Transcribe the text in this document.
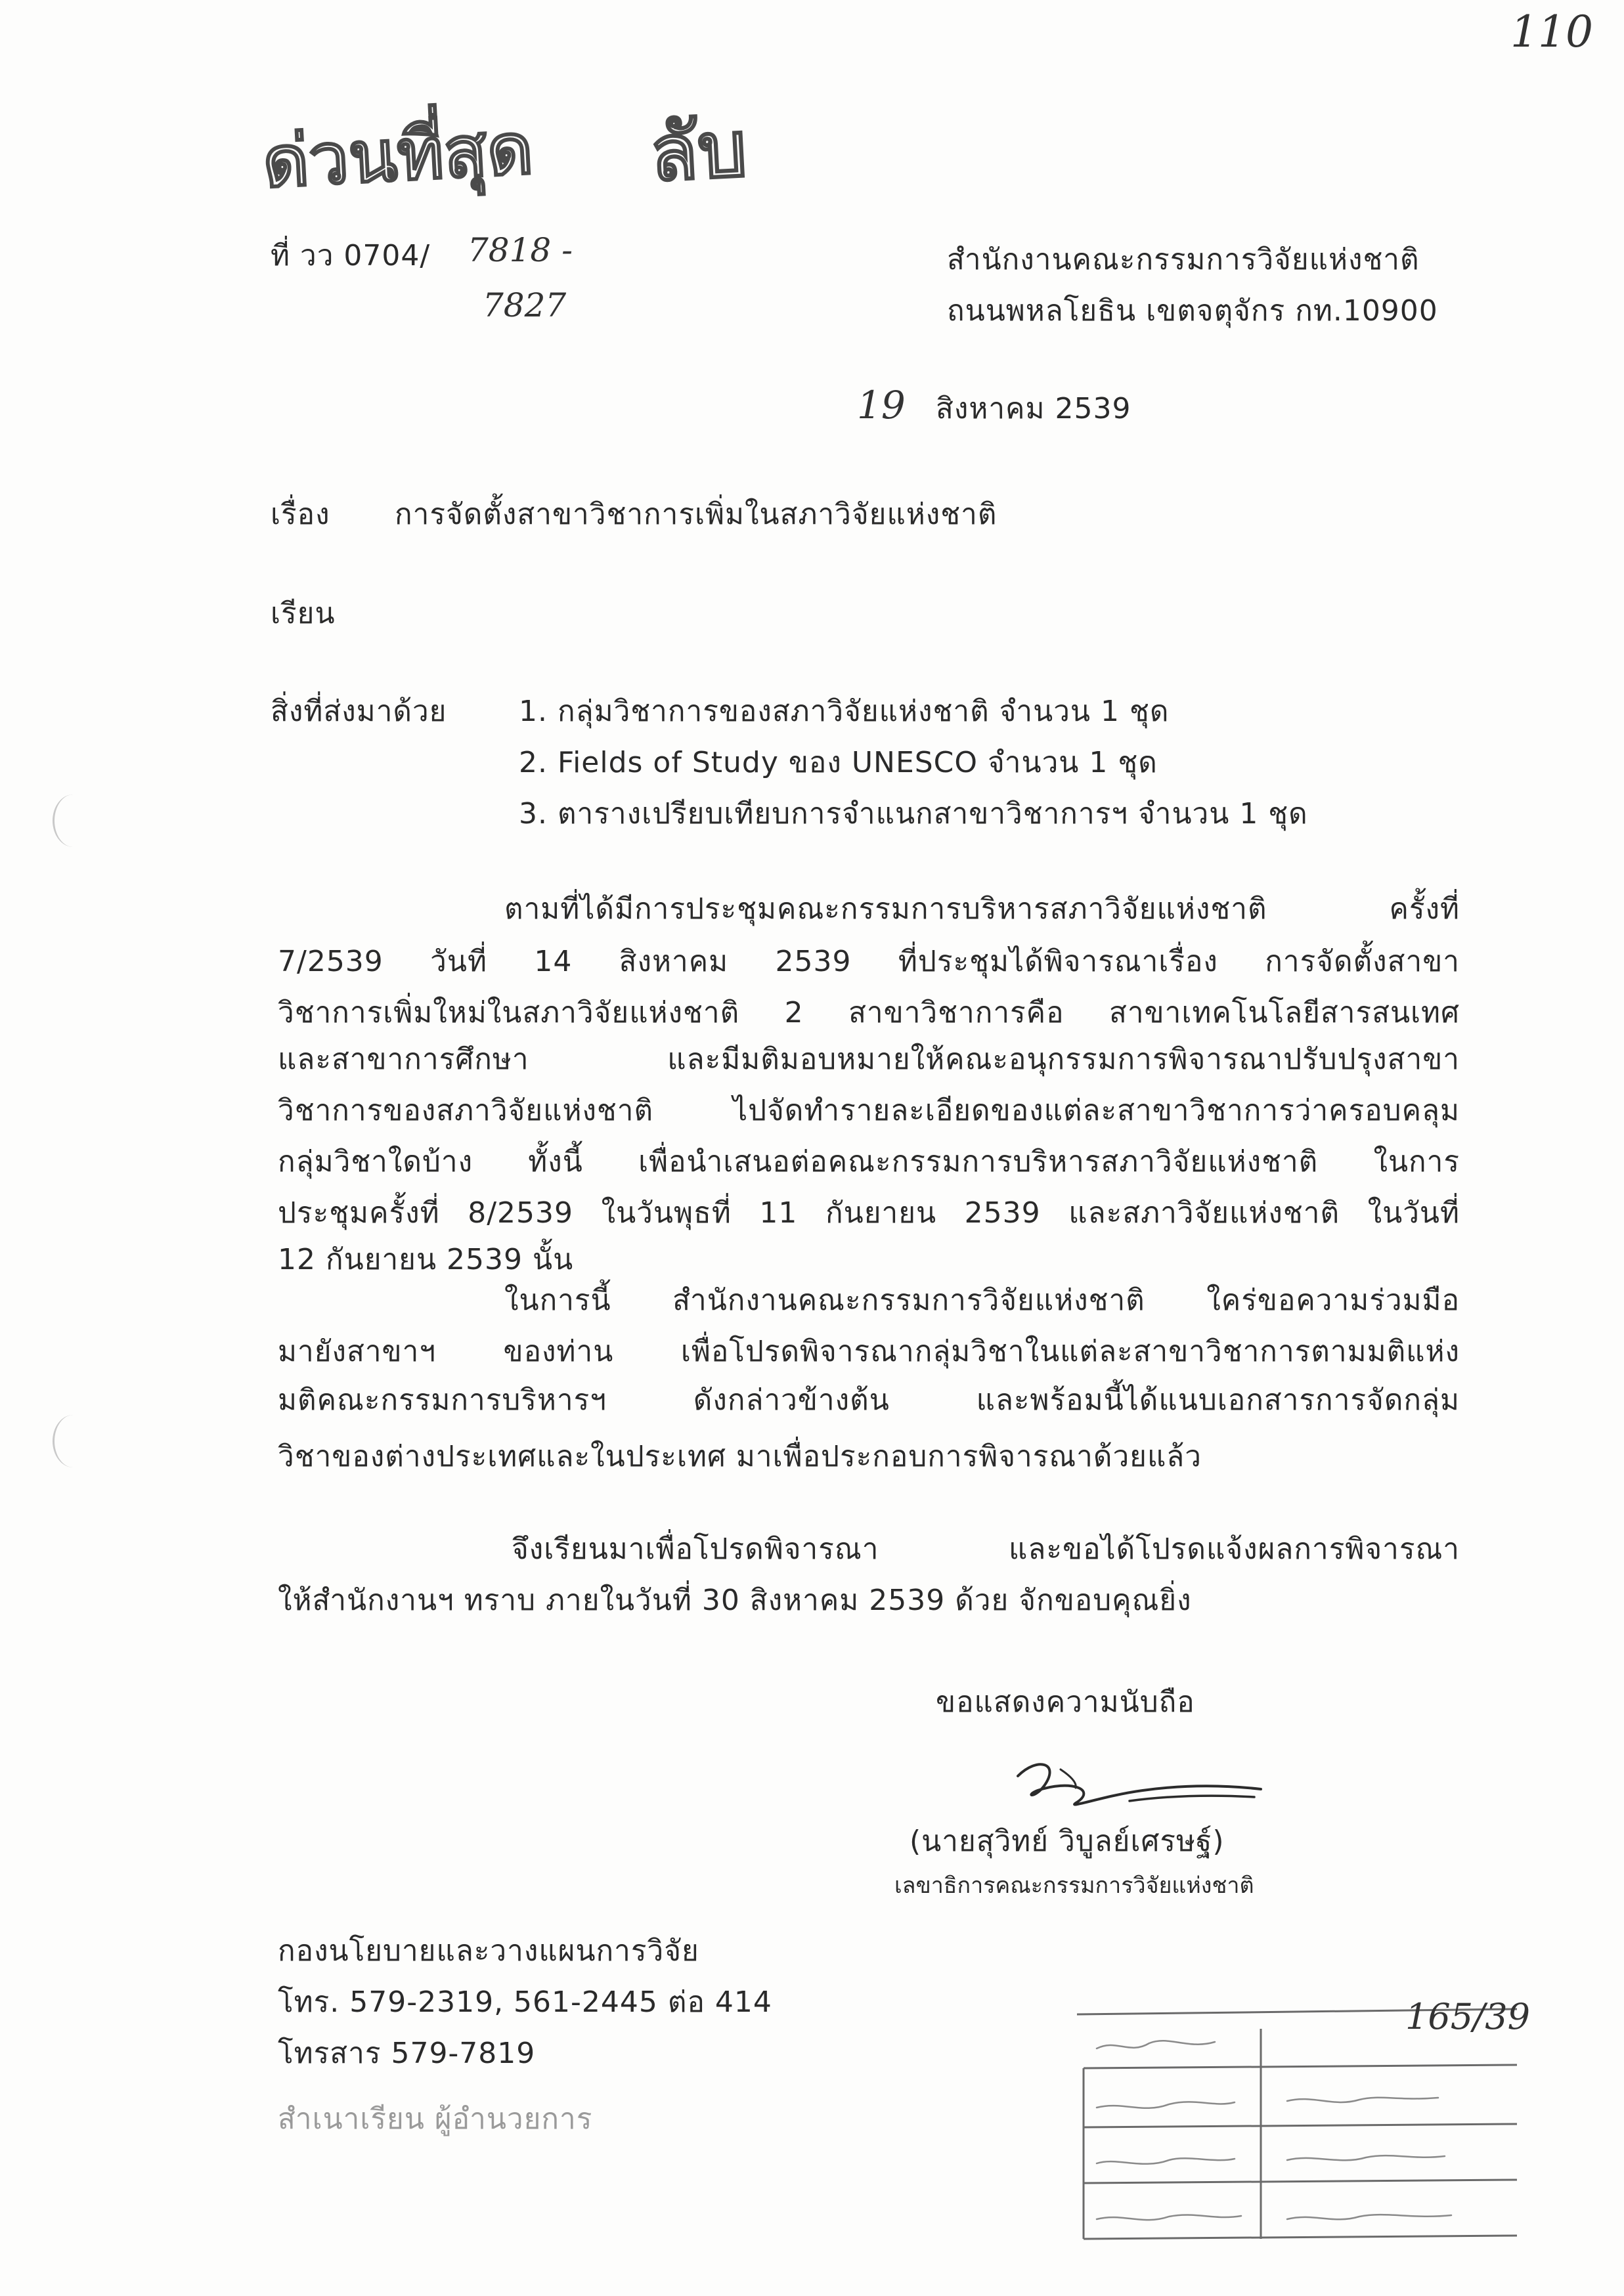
110
ด่วนที่สุด ลับ
ที่ วว 0704/ 7818 -
7827
สำนักงานคณะกรรมการวิจัยแห่งชาติ
ถนนพหลโยธิน เขตจตุจักร กท.10900
19 สิงหาคม 2539
เรื่อง การจัดตั้งสาขาวิชาการเพิ่มในสภาวิจัยแห่งชาติ
เรียน
สิ่งที่ส่งมาด้วย 1. กลุ่มวิชาการของสภาวิจัยแห่งชาติ จำนวน 1 ชุด
2. Fields of Study ของ UNESCO จำนวน 1 ชุด
3. ตารางเปรียบเทียบการจำแนกสาขาวิชาการฯ จำนวน 1 ชุด
ตามที่ได้มีการประชุมคณะกรรมการบริหารสภาวิจัยแห่งชาติ ครั้งที่
7/2539 วันที่ 14 สิงหาคม 2539 ที่ประชุมได้พิจารณาเรื่อง การจัดตั้งสาขา
วิชาการเพิ่มใหม่ในสภาวิจัยแห่งชาติ 2 สาขาวิชาการคือ สาขาเทคโนโลยีสารสนเทศ
และสาขาการศึกษา และมีมติมอบหมายให้คณะอนุกรรมการพิจารณาปรับปรุงสาขา
วิชาการของสภาวิจัยแห่งชาติ ไปจัดทำรายละเอียดของแต่ละสาขาวิชาการว่าครอบคลุม
กลุ่มวิชาใดบ้าง ทั้งนี้ เพื่อนำเสนอต่อคณะกรรมการบริหารสภาวิจัยแห่งชาติ ในการ
ประชุมครั้งที่ 8/2539 ในวันพุธที่ 11 กันยายน 2539 และสภาวิจัยแห่งชาติ ในวันที่
12 กันยายน 2539 นั้น
ในการนี้ สำนักงานคณะกรรมการวิจัยแห่งชาติ ใคร่ขอความร่วมมือ
มายังสาขาฯ ของท่าน เพื่อโปรดพิจารณากลุ่มวิชาในแต่ละสาขาวิชาการตามมติแห่ง
มติคณะกรรมการบริหารฯ ดังกล่าวข้างต้น และพร้อมนี้ได้แนบเอกสารการจัดกลุ่ม
วิชาของต่างประเทศและในประเทศ มาเพื่อประกอบการพิจารณาด้วยแล้ว
จึงเรียนมาเพื่อโปรดพิจารณา และขอได้โปรดแจ้งผลการพิจารณา
ให้สำนักงานฯ ทราบ ภายในวันที่ 30 สิงหาคม 2539 ด้วย จักขอบคุณยิ่ง
ขอแสดงความนับถือ
(นายสุวิทย์ วิบูลย์เศรษฐ์)
เลขาธิการคณะกรรมการวิจัยแห่งชาติ
กองนโยบายและวางแผนการวิจัย
โทร. 579-2319, 561-2445 ต่อ 414
โทรสาร 579-7819
สำเนาเรียน ผู้อำนวยการ
165/39
